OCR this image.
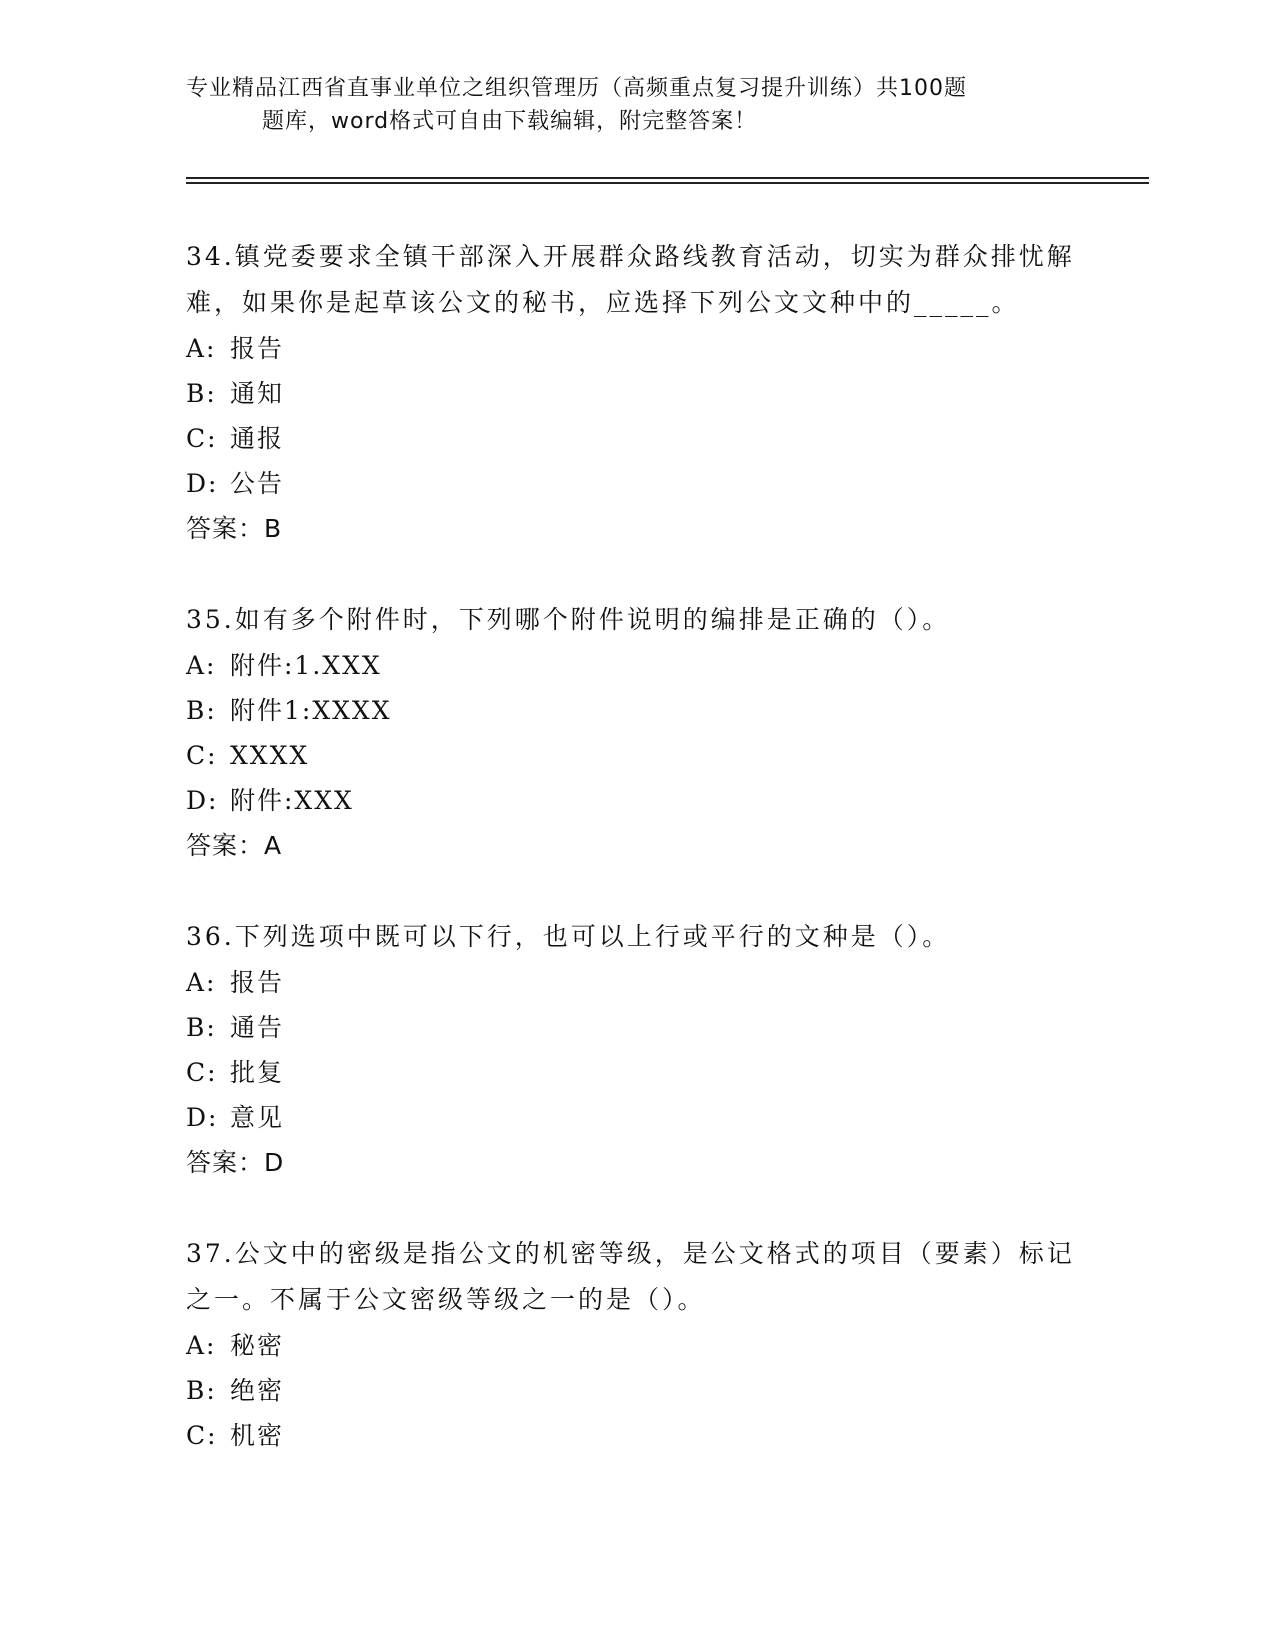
专业精品江西省直事业单位之组织管理历（高频重点复习提升训练）共100题
题库，word格式可自由下载编辑，附完整答案！
34.镇党委要求全镇干部深入开展群众路线教育活动，切实为群众排忧解难，如果你是起草该公文的秘书，应选择下列公文文种中的_____。
A: 报告
B: 通知
C: 通报
D: 公告
答案：B
35.如有多个附件时，下列哪个附件说明的编排是正确的（）。
A: 附件:1.XXX
B: 附件1:XXXX
C: XXXX
D: 附件:XXX
答案：A
36.下列选项中既可以下行，也可以上行或平行的文种是（）。
A: 报告
B: 通告
C: 批复
D: 意见
答案：D
37.公文中的密级是指公文的机密等级，是公文格式的项目（要素）标记之一。不属于公文密级等级之一的是（）。
A: 秘密
B: 绝密
C: 机密
